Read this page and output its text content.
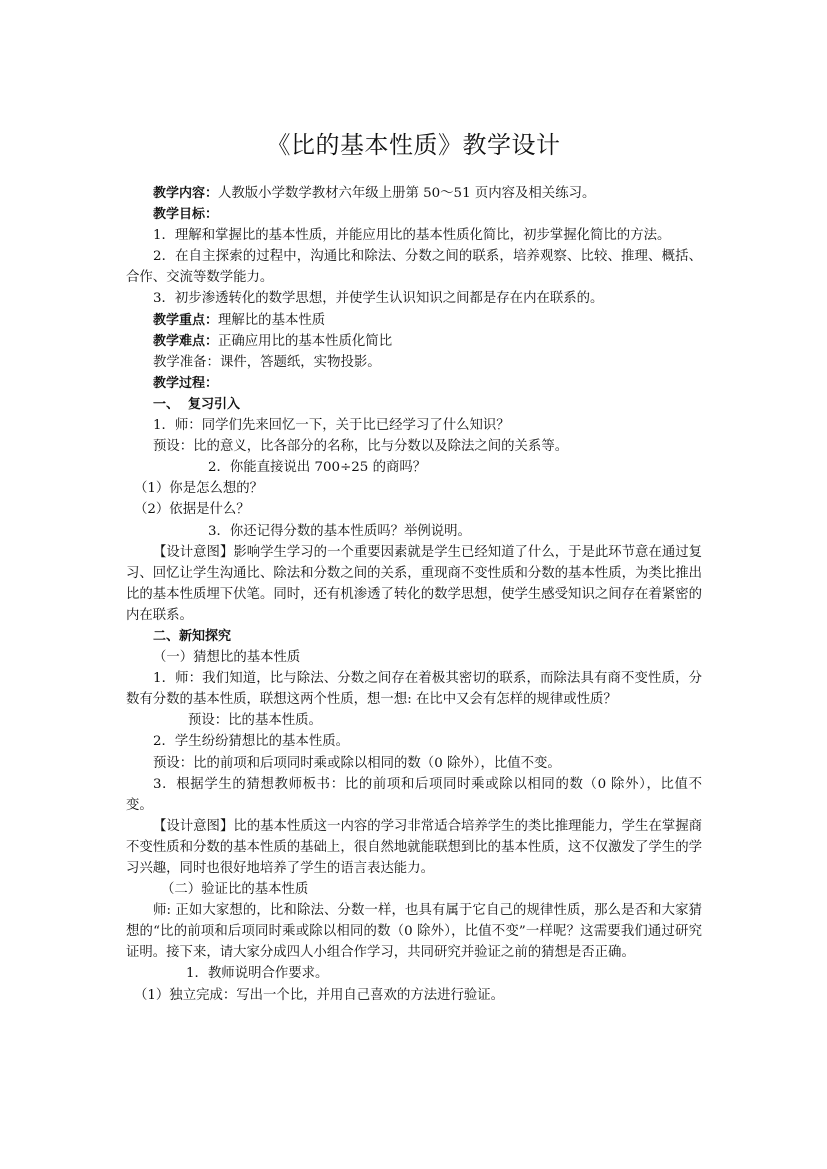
《比的基本性质》教学设计
教学内容：人教版小学数学教材六年级上册第 50～51 页内容及相关练习。
教学目标：
1．理解和掌握比的基本性质，并能应用比的基本性质化简比，初步掌握化简比的方法。
2．在自主探索的过程中，沟通比和除法、分数之间的联系，培养观察、比较、推理、概括、合作、交流等数学能力。
3．初步渗透转化的数学思想，并使学生认识知识之间都是存在内在联系的。
教学重点：理解比的基本性质
教学难点：正确应用比的基本性质化简比
教学准备：课件，答题纸，实物投影。
教学过程：
一、  复习引入
1．师：同学们先来回忆一下，关于比已经学习了什么知识？
预设：比的意义，比各部分的名称，比与分数以及除法之间的关系等。
2．你能直接说出 700÷25 的商吗？
（1）你是怎么想的？
（2）依据是什么？
3．你还记得分数的基本性质吗？举例说明。
【设计意图】影响学生学习的一个重要因素就是学生已经知道了什么，于是此环节意在通过复习、回忆让学生沟通比、除法和分数之间的关系，重现商不变性质和分数的基本性质，为类比推出比的基本性质埋下伏笔。同时，还有机渗透了转化的数学思想，使学生感受知识之间存在着紧密的内在联系。
二、新知探究
（一）猜想比的基本性质
1．师：我们知道，比与除法、分数之间存在着极其密切的联系，而除法具有商不变性质，分数有分数的基本性质，联想这两个性质，想一想: 在比中又会有怎样的规律或性质？
预设：比的基本性质。
2．学生纷纷猜想比的基本性质。
预设：比的前项和后项同时乘或除以相同的数（0 除外），比值不变。
3．根据学生的猜想教师板书：比的前项和后项同时乘或除以相同的数（0 除外），比值不变。
【设计意图】比的基本性质这一内容的学习非常适合培养学生的类比推理能力，学生在掌握商不变性质和分数的基本性质的基础上，很自然地就能联想到比的基本性质，这不仅激发了学生的学习兴趣，同时也很好地培养了学生的语言表达能力。
（二）验证比的基本性质
师: 正如大家想的，比和除法、分数一样，也具有属于它自己的规律性质，那么是否和大家猜想的“比的前项和后项同时乘或除以相同的数（0 除外），比值不变”一样呢？这需要我们通过研究证明。接下来，请大家分成四人小组合作学习，共同研究并验证之前的猜想是否正确。
1．教师说明合作要求。
（1）独立完成：写出一个比，并用自己喜欢的方法进行验证。
